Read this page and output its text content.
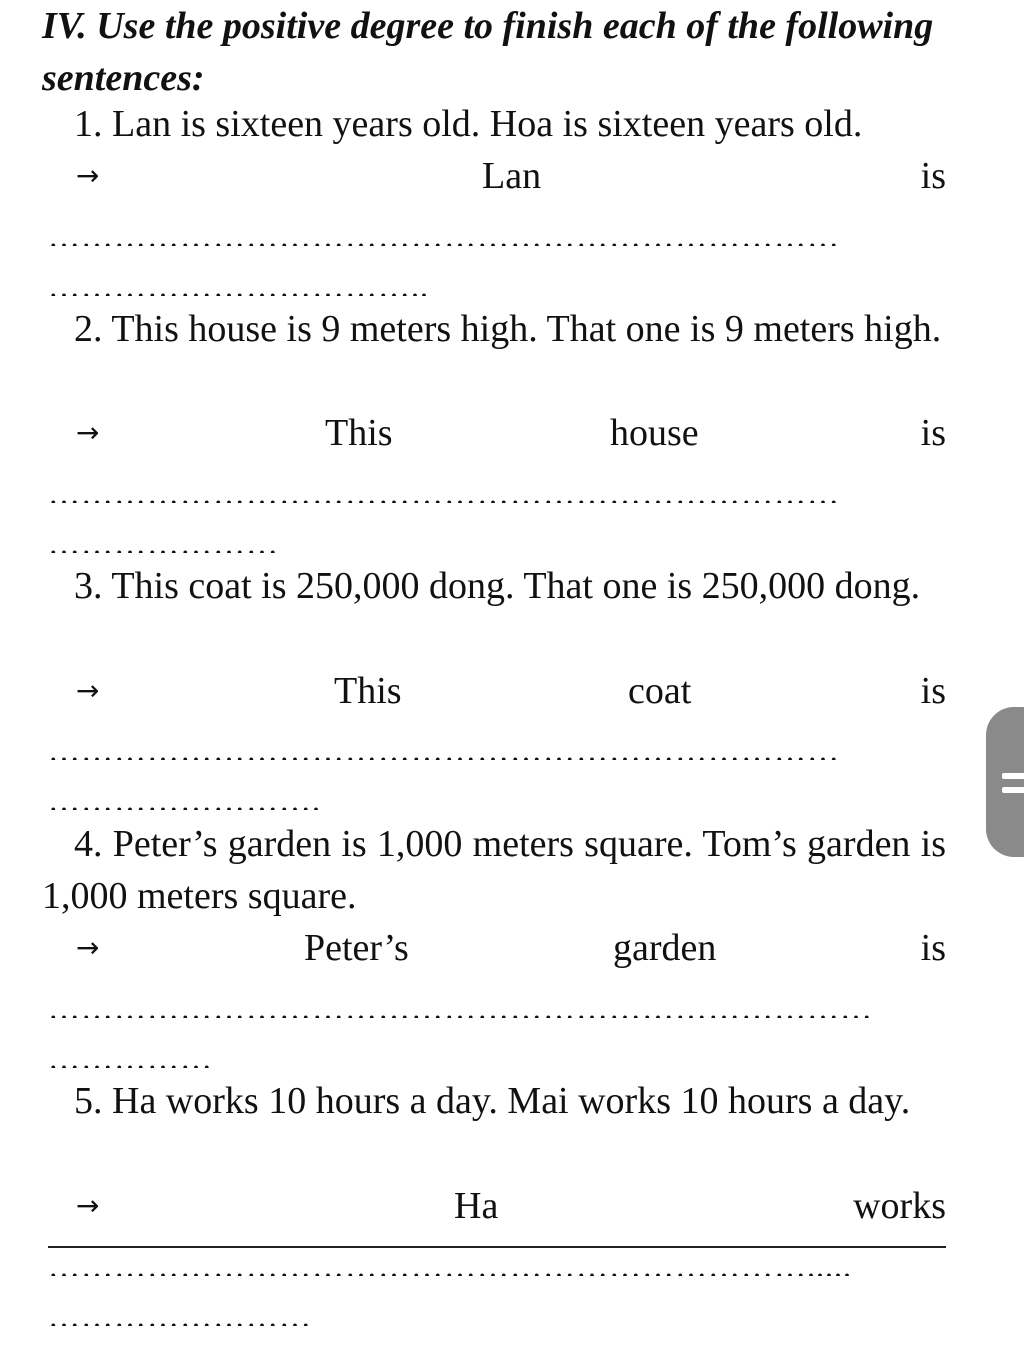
IV. Use the positive degree to finish each of the following sentences:
1. Lan is sixteen years old. Hoa is sixteen years old.
→	Lan	is
………………………………………………………………
……………………………..
2. This house is 9 meters high. That one is 9 meters high.
→	This	house	is
………………………………………………………………
…………………
3. This coat is 250,000 dong. That one is 250,000 dong.
→	This	coat	is
………………………………………………………………
…………………….
4. Peter’s garden is 1,000 meters square. Tom’s garden is 1,000 meters square.
→	Peter’s	garden	is
…………………………………………………………………
……………
5. Ha works 10 hours a day. Mai works 10 hours a day.
→	Ha	works
…………………………………………………………….....
……………………
